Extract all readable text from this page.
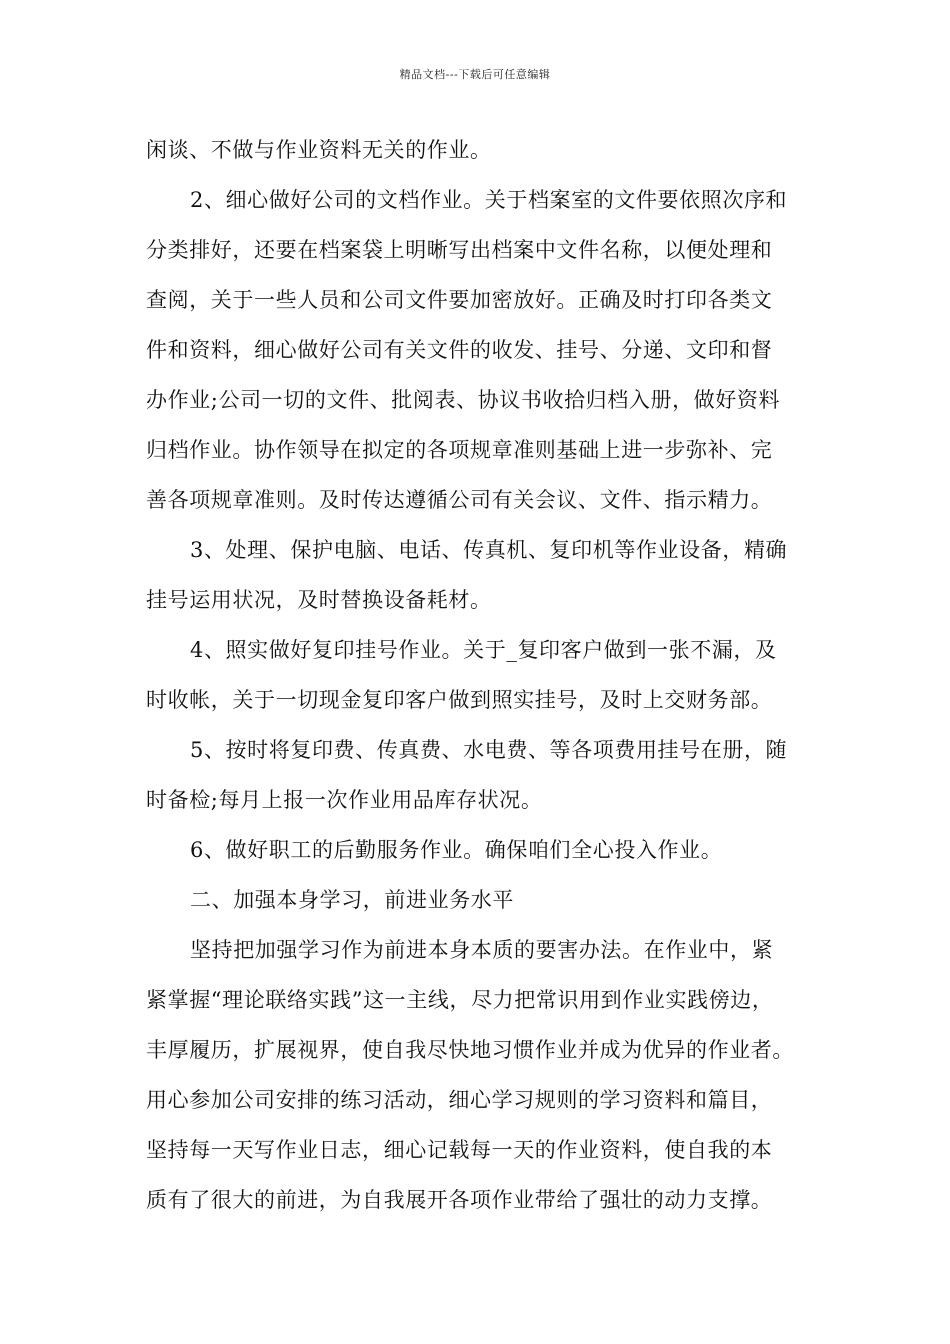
精品文档---下载后可任意编辑
闲谈、不做与作业资料无关的作业。
2、细心做好公司的文档作业。关于档案室的文件要依照次序和
分类排好，还要在档案袋上明晰写出档案中文件名称，以便处理和
查阅，关于一些人员和公司文件要加密放好。正确及时打印各类文
件和资料，细心做好公司有关文件的收发、挂号、分递、文印和督
办作业;公司一切的文件、批阅表、协议书收拾归档入册，做好资料
归档作业。协作领导在拟定的各项规章准则基础上进一步弥补、完
善各项规章准则。及时传达遵循公司有关会议、文件、指示精力。
3、处理、保护电脑、电话、传真机、复印机等作业设备，精确
挂号运用状况，及时替换设备耗材。
4、照实做好复印挂号作业。关于_复印客户做到一张不漏，及
时收帐，关于一切现金复印客户做到照实挂号，及时上交财务部。
5、按时将复印费、传真费、水电费、等各项费用挂号在册，随
时备检;每月上报一次作业用品库存状况。
6、做好职工的后勤服务作业。确保咱们全心投入作业。
二、加强本身学习，前进业务水平
坚持把加强学习作为前进本身本质的要害办法。在作业中，紧
紧掌握“理论联络实践”这一主线，尽力把常识用到作业实践傍边，
丰厚履历，扩展视界，使自我尽快地习惯作业并成为优异的作业者。
用心参加公司安排的练习活动，细心学习规则的学习资料和篇目，
坚持每一天写作业日志，细心记载每一天的作业资料，使自我的本
质有了很大的前进，为自我展开各项作业带给了强壮的动力支撑。
